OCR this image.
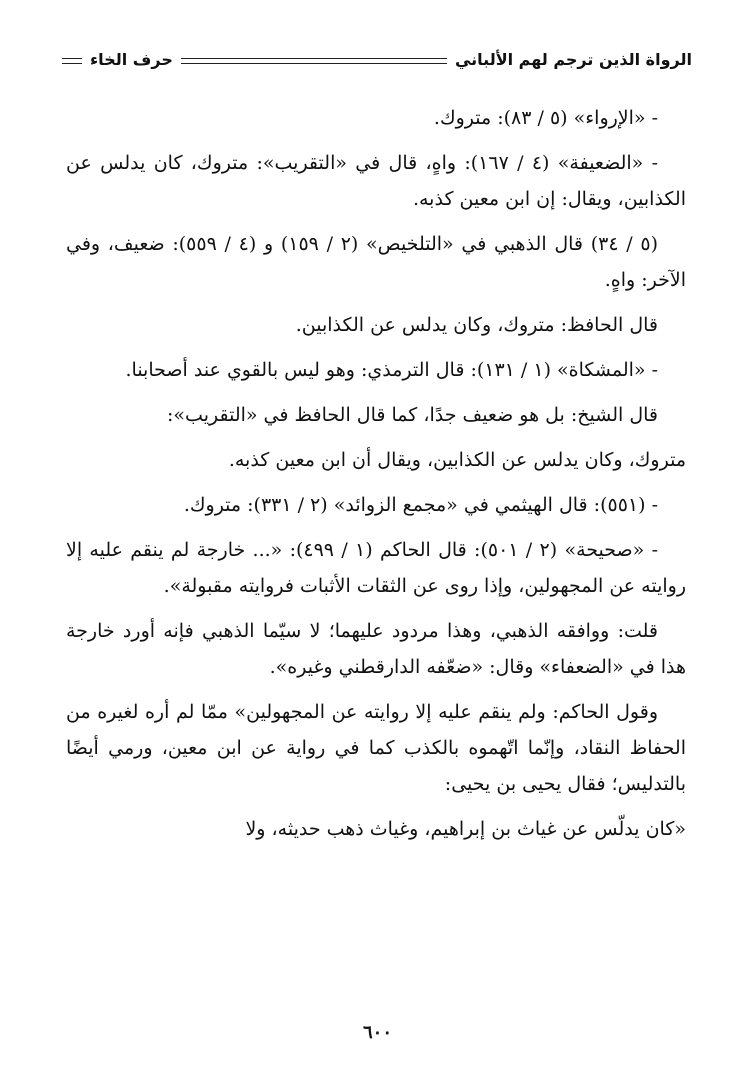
الرواة الذين ترجم لهم الألباني
حرف الخاء

- «الإرواء» (٥ / ٨٣): متروك.

- «الضعيفة» (٤ / ١٦٧): واهٍ، قال في «التقريب»: متروك، كان يدلس عن الكذابين، ويقال: إن ابن معين كذبه.

(٥ / ٣٤) قال الذهبي في «التلخيص» (٢ / ١٥٩) و (٤ / ٥٥٩): ضعيف، وفي الآخر: واهٍ.

قال الحافظ: متروك، وكان يدلس عن الكذابين.

- «المشكاة» (١ / ١٣١): قال الترمذي: وهو ليس بالقوي عند أصحابنا.

قال الشيخ: بل هو ضعيف جدًا، كما قال الحافظ في «التقريب»:

متروك، وكان يدلس عن الكذابين، ويقال أن ابن معين كذبه.

- (٥٥١): قال الهيثمي في «مجمع الزوائد» (٢ / ٣٣١): متروك.

- «صحيحة» (٢ / ٥٠١): قال الحاكم (١ / ٤٩٩): «... خارجة لم ينقم عليه إلا روايته عن المجهولين، وإذا روى عن الثقات الأثبات فروايته مقبولة».

قلت: ووافقه الذهبي، وهذا مردود عليهما؛ لا سيّما الذهبي فإنه أورد خارجة هذا في «الضعفاء» وقال: «ضعّفه الدارقطني وغيره».

وقول الحاكم: ولم ينقم عليه إلا روايته عن المجهولين» ممّا لم أره لغيره من الحفاظ النقاد، وإنّما اتّهموه بالكذب كما في رواية عن ابن معين، ورمي أيضًا بالتدليس؛ فقال يحيى بن يحيى:

«كان يدلّس عن غياث بن إبراهيم، وغياث ذهب حديثه، ولا

٦٠٠
